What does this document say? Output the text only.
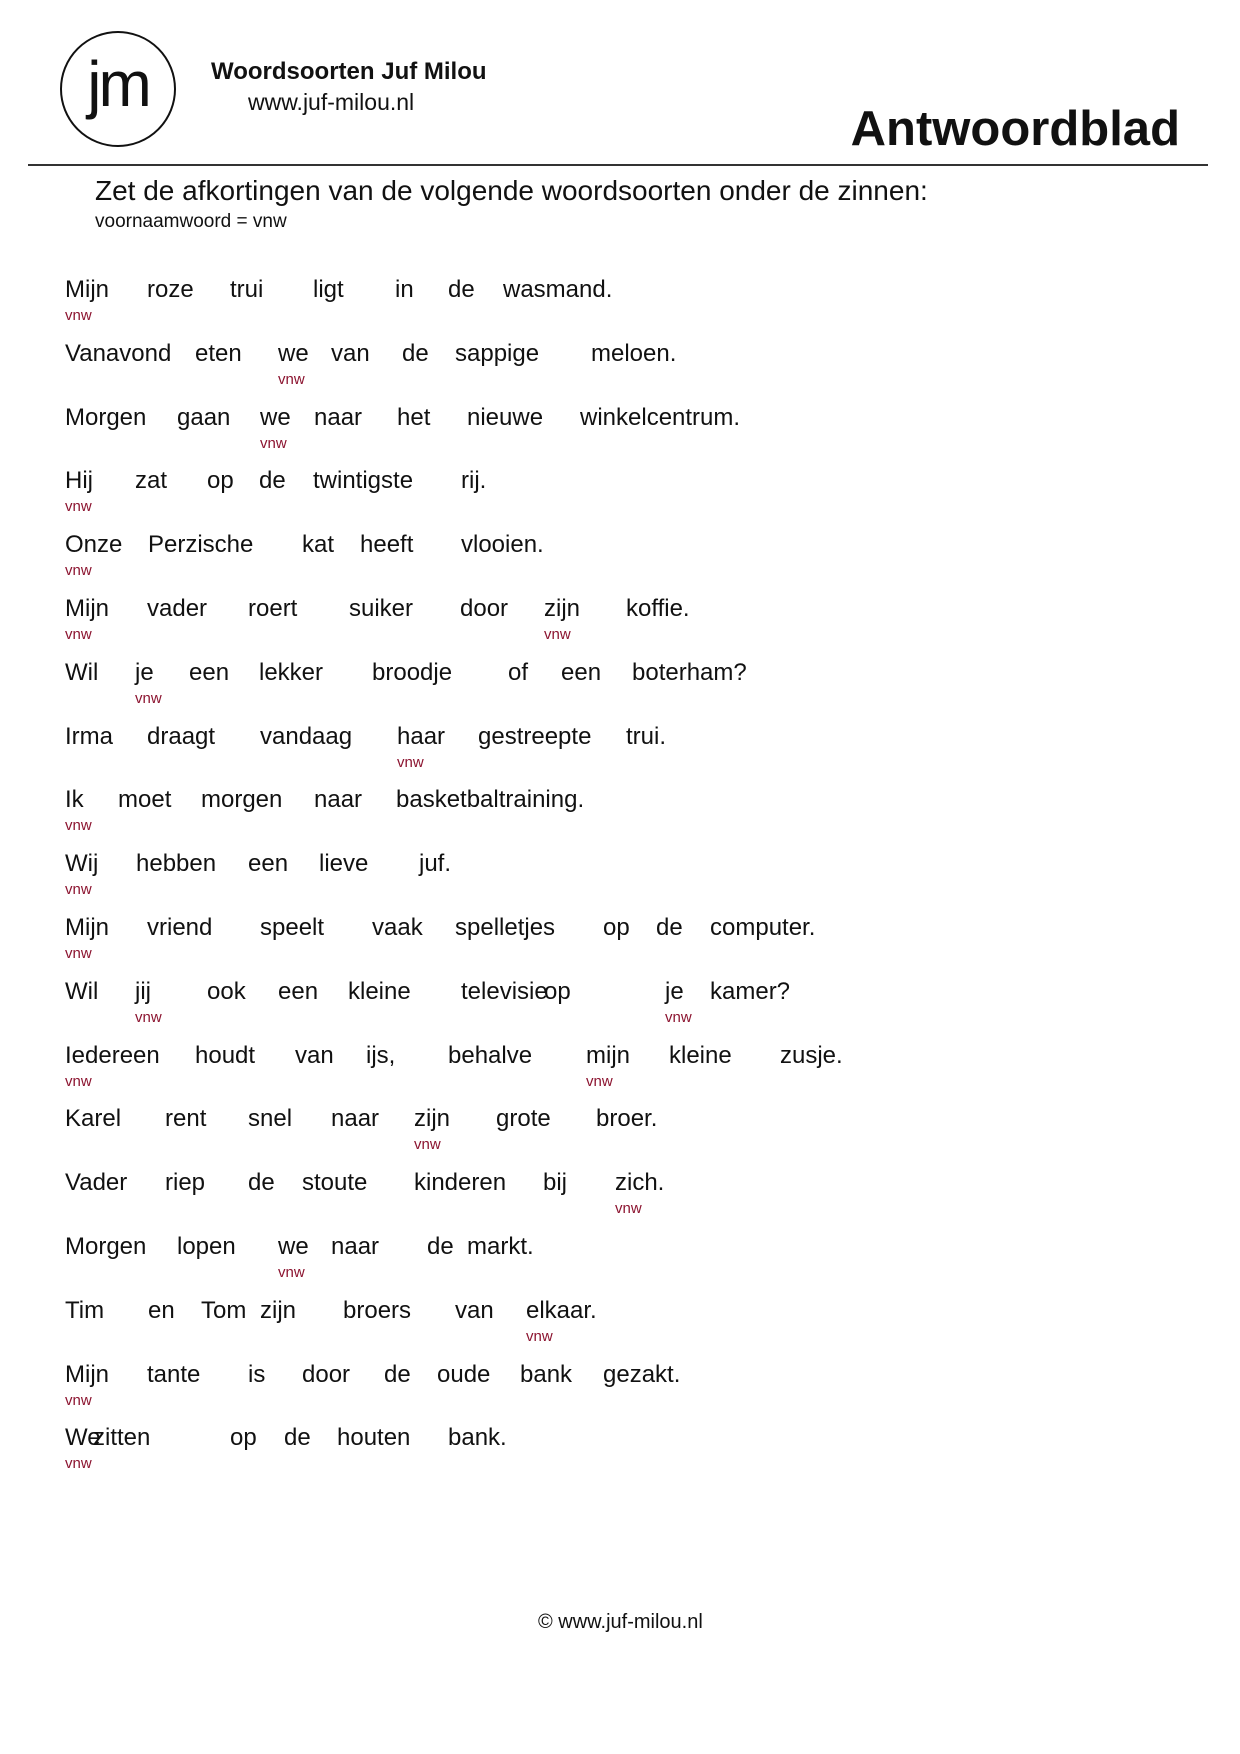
jm	Woordsoorten Juf Milou
www.juf-milou.nl	Antwoordblad
Zet de afkortingen van de volgende woordsoorten onder de zinnen:
voornaamwoord = vnw
Mijn roze trui ligt in de wasmand.
vnw
Vanavond eten we van de sappige meloen.
vnw
Morgen gaan we naar het nieuwe winkelcentrum.
vnw
Hij zat op de twintigste rij.
vnw
Onze Perzische kat heeft vlooien.
vnw
Mijn vader roert suiker door zijn koffie.
vnw	vnw
Wil je een lekker broodje of een boterham?
vnw
Irma draagt vandaag haar gestreepte trui.
vnw
Ik moet morgen naar basketbaltraining.
vnw
Wij hebben een lieve juf.
vnw
Mijn vriend speelt vaak spelletjes op de computer.
vnw
Wil jij ook een kleine televisie
op	je kamer?
vnw	vnw
Iedereen houdt van ijs, behalve mijn kleine zusje.
vnw	vnw
Karel rent snel naar zijn grote broer.
vnw
Vader riep de stoute kinderen bij zich.
vnw
Morgen lopen we naar de markt.
vnw
Tim en Tom zijn broers van elkaar.
vnw
Mijn tante is door de oude bank gezakt.
vnw
We
zitten	op de houten bank.
vnw
© www.juf-milou.nl
